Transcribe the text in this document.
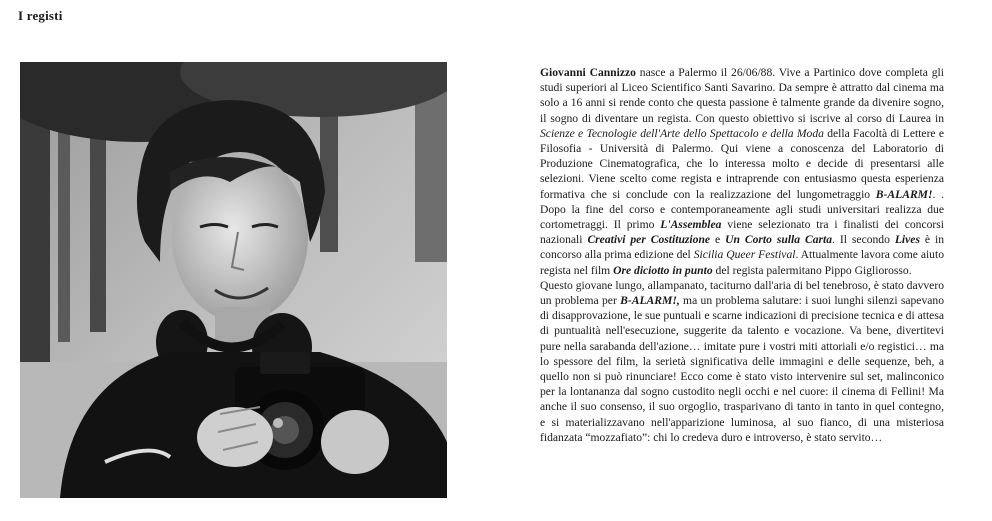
I registi

Giovanni Cannizzo nasce a Palermo il 26/06/88. Vive a Partinico dove completa gli studi superiori al Liceo Scientifico Santi Savarino. Da sempre è attratto dal cinema ma solo a 16 anni si rende conto che questa passione è talmente grande da divenire sogno, il sogno di diventare un regista. Con questo obiettivo si iscrive al corso di Laurea in Scienze e Tecnologie dell'Arte dello Spettacolo e della Moda della Facoltà di Lettere e Filosofia - Università di Palermo. Qui viene a conoscenza del Laboratorio di Produzione Cinematografica, che lo interessa molto e decide di presentarsi alle selezioni. Viene scelto come regista e intraprende con entusiasmo questa esperienza formativa che si conclude con la realizzazione del lungometraggio B-ALARM!. . Dopo la fine del corso e contemporaneamente agli studi universitari realizza due cortometraggi. Il primo L'Assemblea viene selezionato tra i finalisti dei concorsi nazionali Creativi per Costituzione e Un Corto sulla Carta. Il secondo Lives è in concorso alla prima edizione del Sicilia Queer Festival. Attualmente lavora come aiuto regista nel film Ore diciotto in punto del regista palermitano Pippo Gigliorosso.

Questo giovane lungo, allampanato, taciturno dall'aria di bel tenebroso, è stato davvero un problema per B-ALARM!, ma un problema salutare: i suoi lunghi silenzi sapevano di disapprovazione, le sue puntuali e scarne indicazioni di precisione tecnica e di attesa di puntualità nell'esecuzione, suggerite da talento e vocazione. Va bene, divertitevi pure nella sarabanda dell'azione… imitate pure i vostri miti attoriali e/o registici… ma lo spessore del film, la serietà significativa delle immagini e delle sequenze, beh, a quello non si può rinunciare! Ecco come è stato visto intervenire sul set, malinconico per la lontananza dal sogno custodito negli occhi e nel cuore: il cinema di Fellini! Ma anche il suo consenso, il suo orgoglio, trasparivano di tanto in tanto in quel contegno, e si materializzavano nell'apparizione luminosa, al suo fianco, di una misteriosa fidanzata “mozzafiato”: chi lo credeva duro e introverso, è stato servito…
